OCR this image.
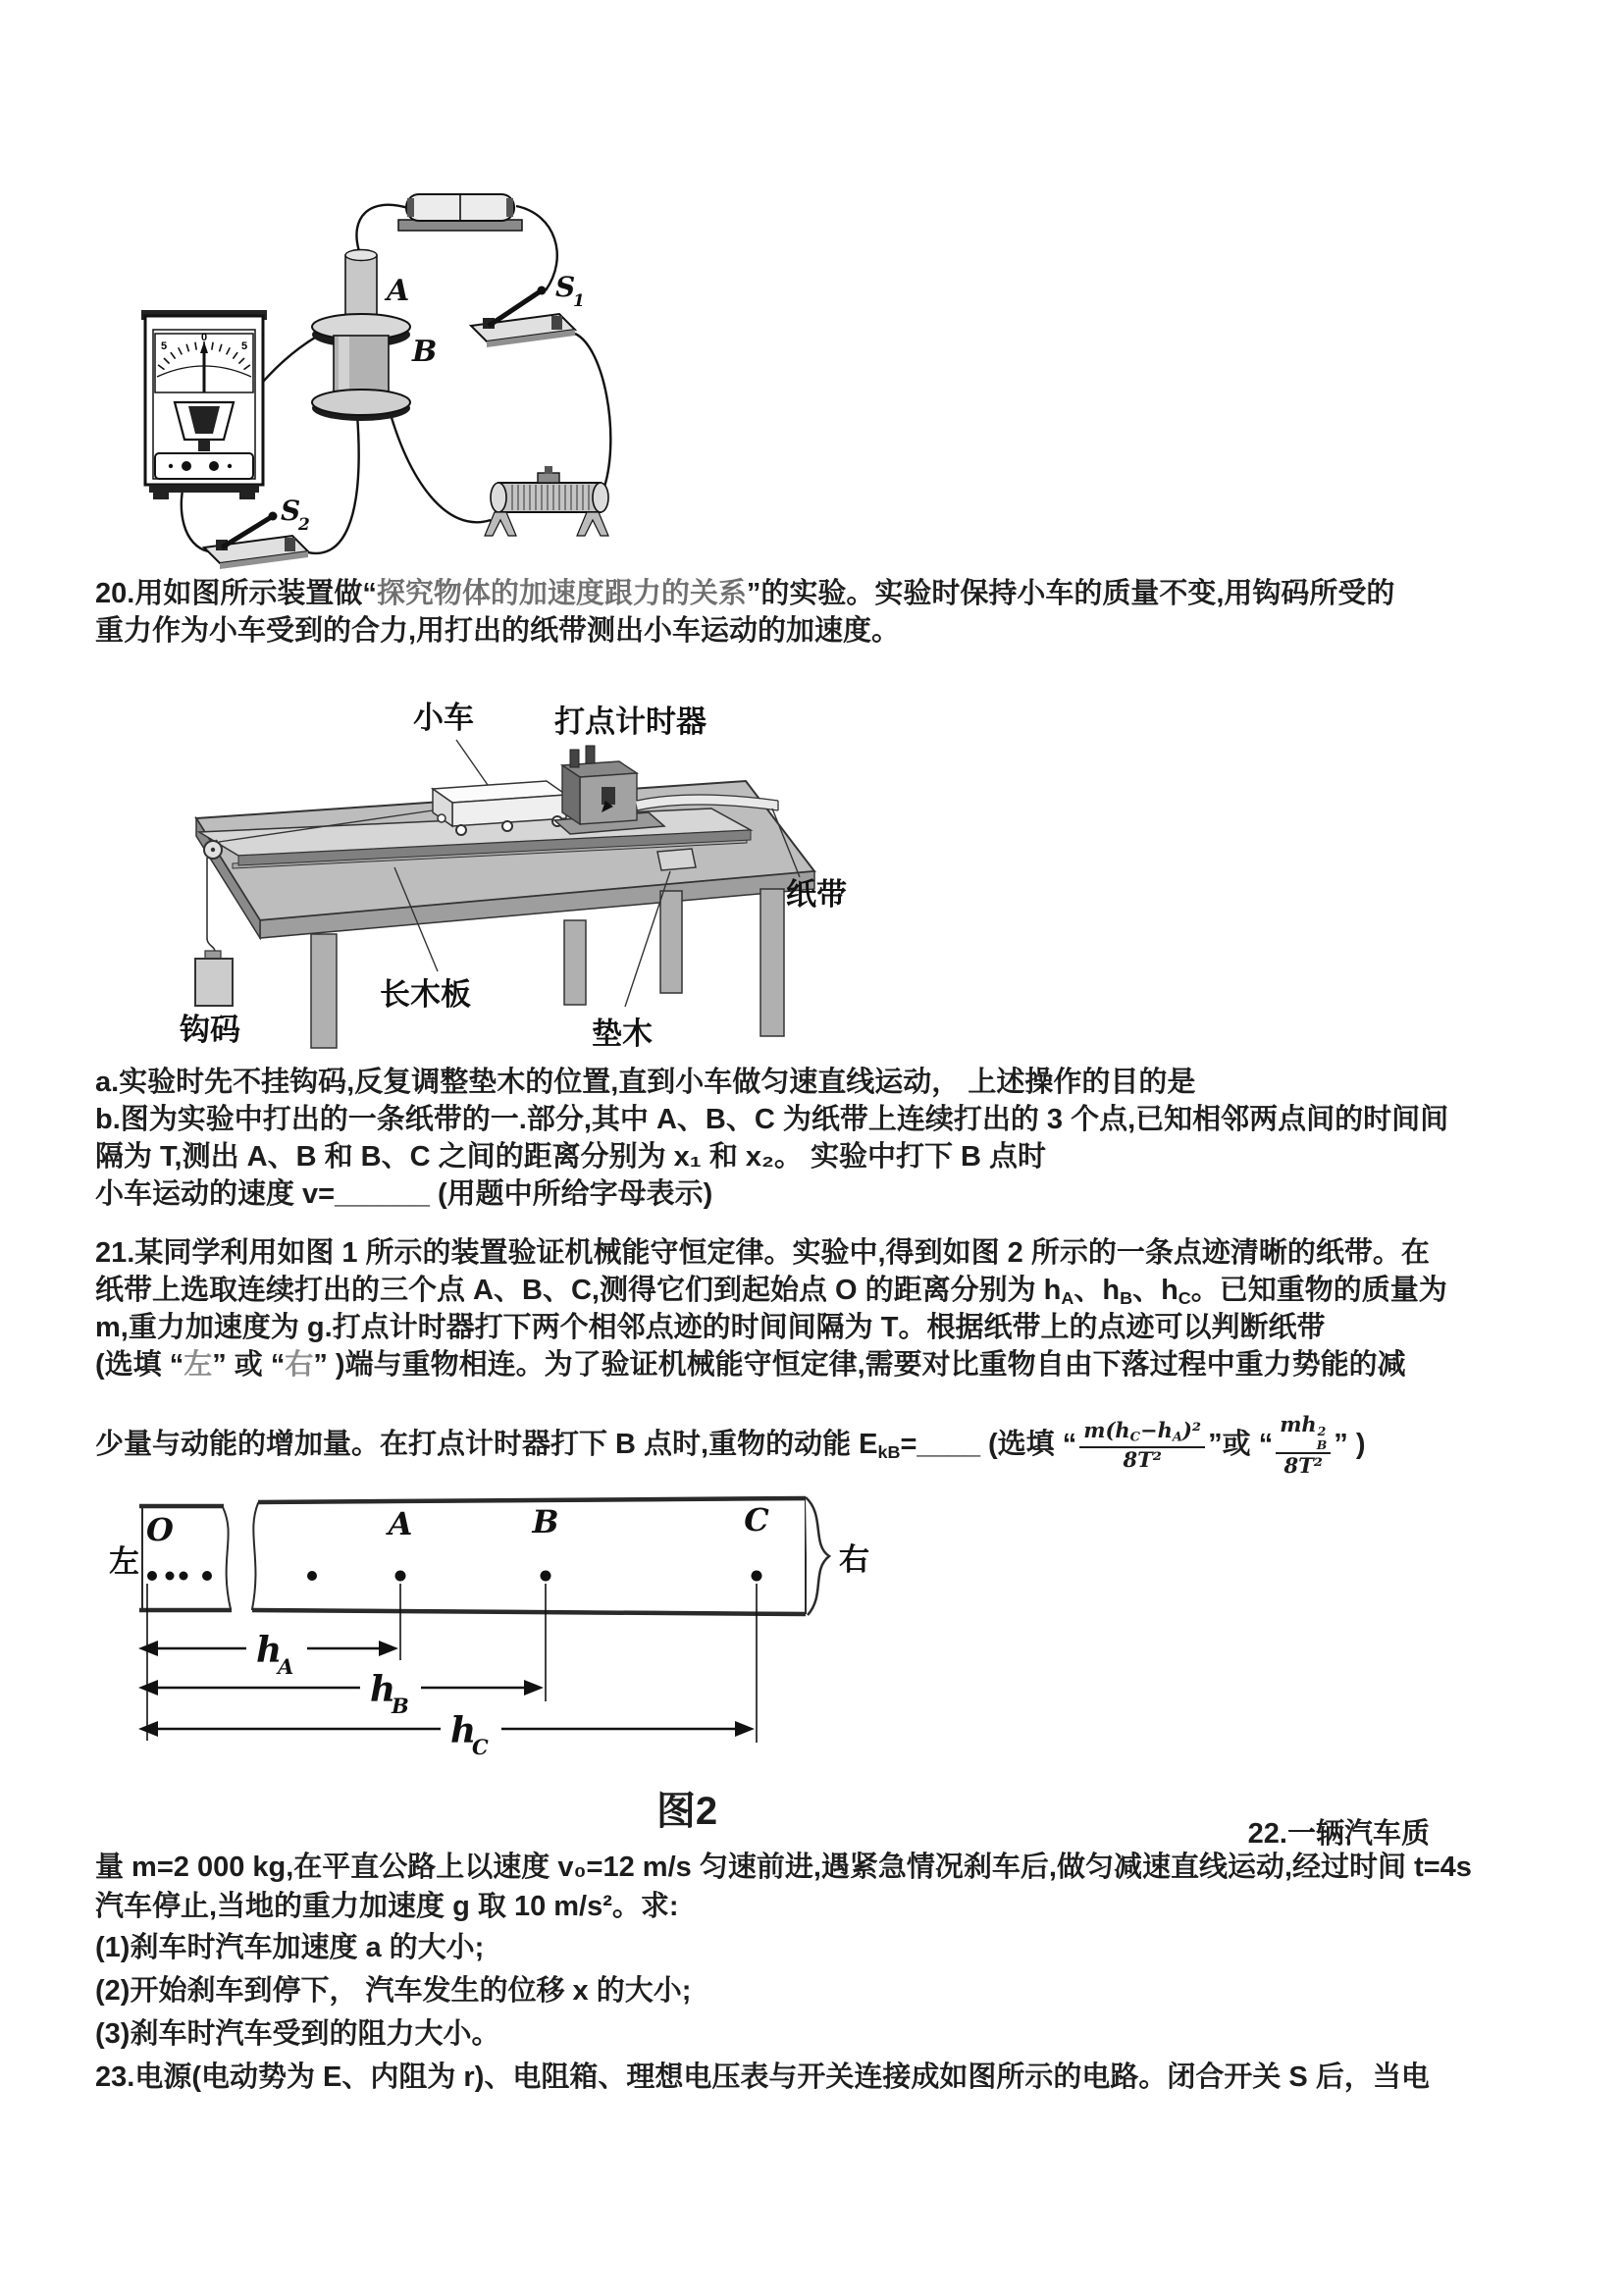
5
0
5
A
B
S
1
S
2
20.用如图所示装置做“探究物体的加速度跟力的关系”的实验。实验时保持小车的质量不变,用钩码所受的
重力作为小车受到的合力,用打出的纸带测出小车运动的加速度。
小车	打点计时器
纸带
长木板
垫木
钩码
a.实验时先不挂钩码,反复调整垫木的位置,直到小车做匀速直线运动， 上述操作的目的是
b.图为实验中打出的一条纸带的一.部分,其中 A、B、C 为纸带上连续打出的 3 个点,已知相邻两点间的时间间
隔为 T,测出 A、B 和 B、C 之间的距离分别为 x₁ 和 x₂。 实验中打下 B 点时
小车运动的速度 v=______ (用题中所给字母表示)
21.某同学利用如图 1 所示的装置验证机械能守恒定律。实验中,得到如图 2 所示的一条点迹清晰的纸带。在
纸带上选取连续打出的三个点 A、B、C,测得它们到起始点 O 的距离分别为 hA、hB、hC。已知重物的质量为
m,重力加速度为 g.打点计时器打下两个相邻点迹的时间间隔为 T。根据纸带上的点迹可以判断纸带
(选填 “左” 或 “右” )端与重物相连。为了验证机械能守恒定律,需要对比重物自由下落过程中重力势能的减
少量与动能的增加量。在打点计时器打下 B 点时,重物的动能 EkB=____ (选填 “ $\frac{\text{m(hC−hA)²}}{\text{8T²}}$ ”或 “ mh 2
B
8T² ” )
O	A	B	C
左	右
h
A
h
B
h
C
图2
22.一辆汽车质
量 m=2 000 kg,在平直公路上以速度 v₀=12 m/s 匀速前进,遇紧急情况刹车后,做匀减速直线运动,经过时间 t=4s
汽车停止,当地的重力加速度 g 取 10 m/s²。求:
(1)刹车时汽车加速度 a 的大小;
(2)开始刹车到停下， 汽车发生的位移 x 的大小;
(3)刹车时汽车受到的阻力大小。
23.电源(电动势为 E、内阻为 r)、电阻箱、理想电压表与开关连接成如图所示的电路。闭合开关 S 后，当电
